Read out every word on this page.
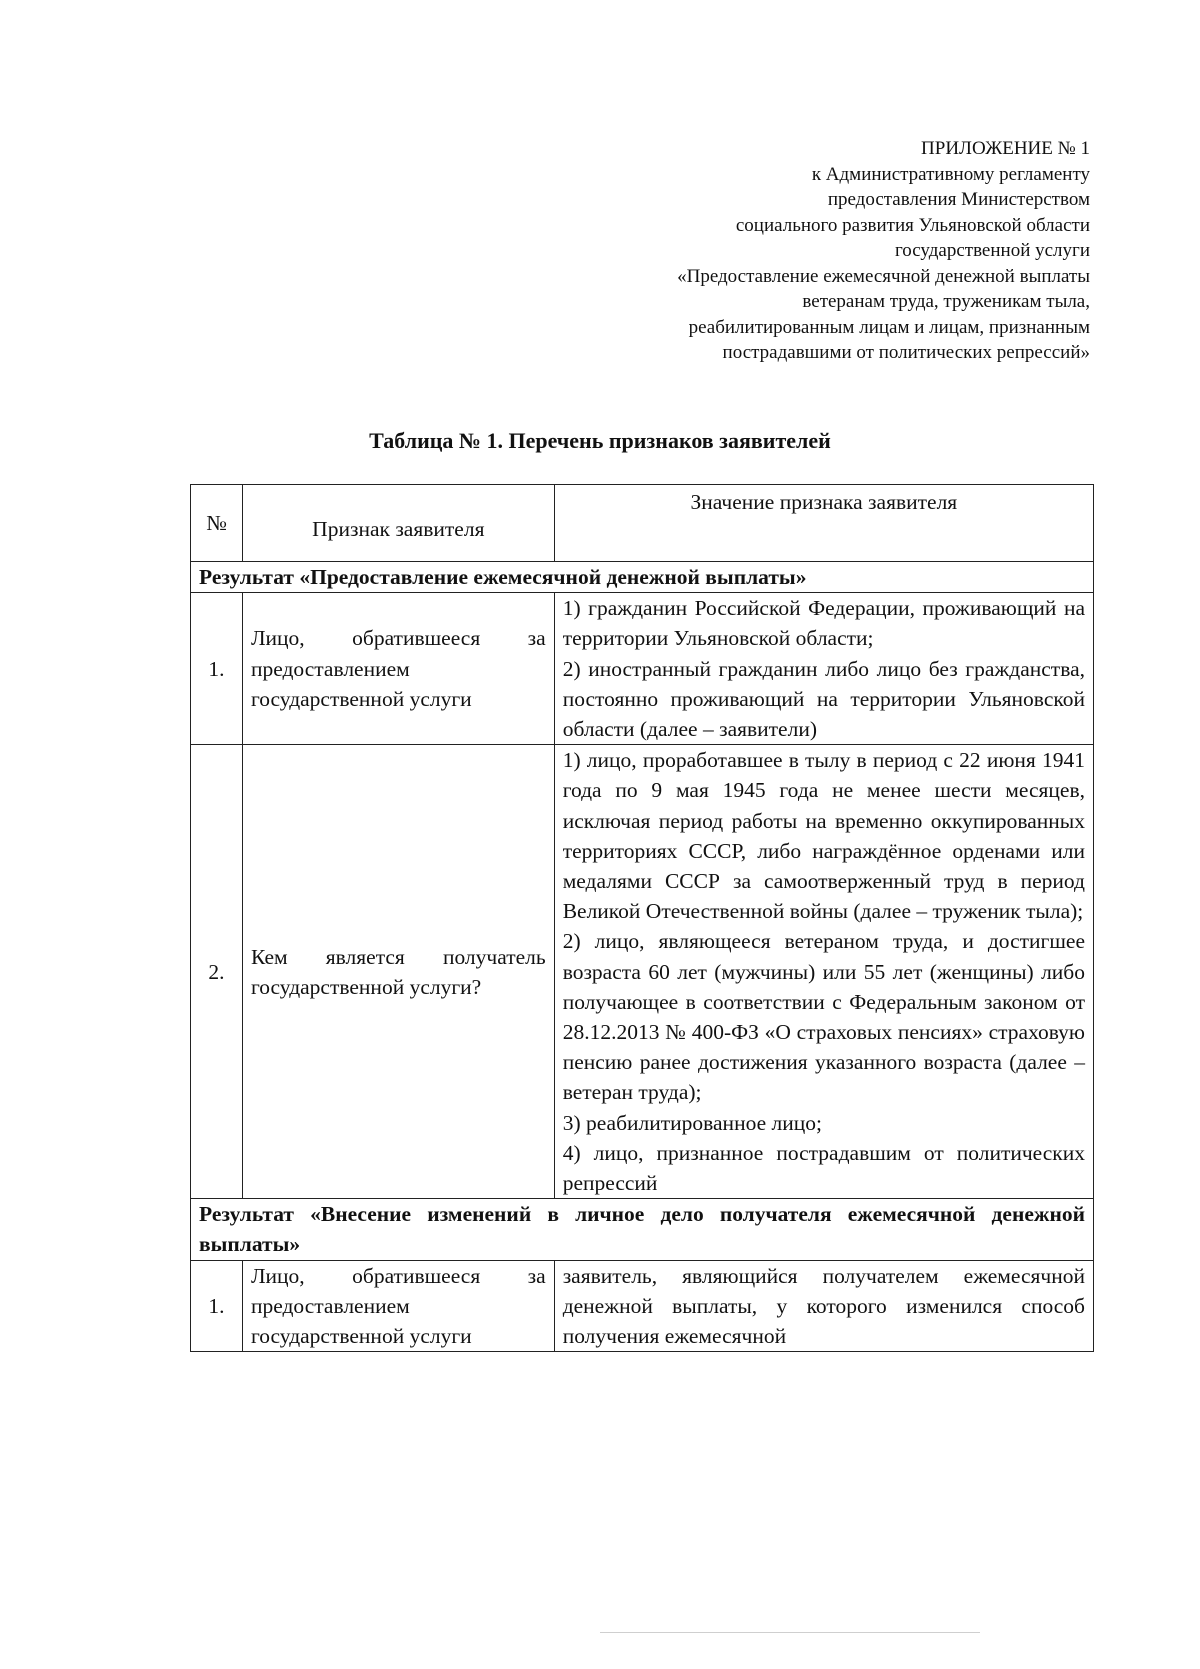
ПРИЛОЖЕНИЕ № 1
к Административному регламенту
предоставления Министерством
социального развития Ульяновской области
государственной услуги
«Предоставление ежемесячной денежной выплаты
ветеранам труда, труженикам тыла,
реабилитированным лицам и лицам, признанным
пострадавшими от политических репрессий»
Таблица № 1. Перечень признаков заявителей
№	Признак заявителя	Значение признака заявителя
Результат «Предоставление ежемесячной денежной выплаты»		
1.	Лицо, обратившееся за предоставлением государственной услуги	1) гражданин Российской Федерации, проживающий на территории Ульяновской области;
2) иностранный гражданин либо лицо без гражданства, постоянно проживающий на территории Ульяновской области (далее – заявители)

2.	Кем является получатель государственной услуги?	1) лицо, проработавшее в тылу в период с 22 июня 1941 года по 9 мая 1945 года не менее шести месяцев, исключая период работы на временно оккупированных территориях СССР, либо награждённое орденами или медалями СССР за самоотверженный труд в период Великой Отечественной войны (далее – труженик тыла);
2) лицо, являющееся ветераном труда, и достигшее возраста 60 лет (мужчины) или 55 лет (женщины) либо получающее в соответствии с Федеральным законом от 28.12.2013 № 400-ФЗ «О страховых пенсиях» страховую пенсию ранее достижения указанного возраста (далее – ветеран труда);
3) реабилитированное лицо;
4) лицо, признанное пострадавшим от политических репрессий

Результат «Внесение изменений в личное дело получателя ежемесячной денежной выплаты»		
1.	Лицо, обратившееся за предоставлением государственной услуги	заявитель, являющийся получателем ежемесячной денежной выплаты, у которого изменился способ получения ежемесячной
